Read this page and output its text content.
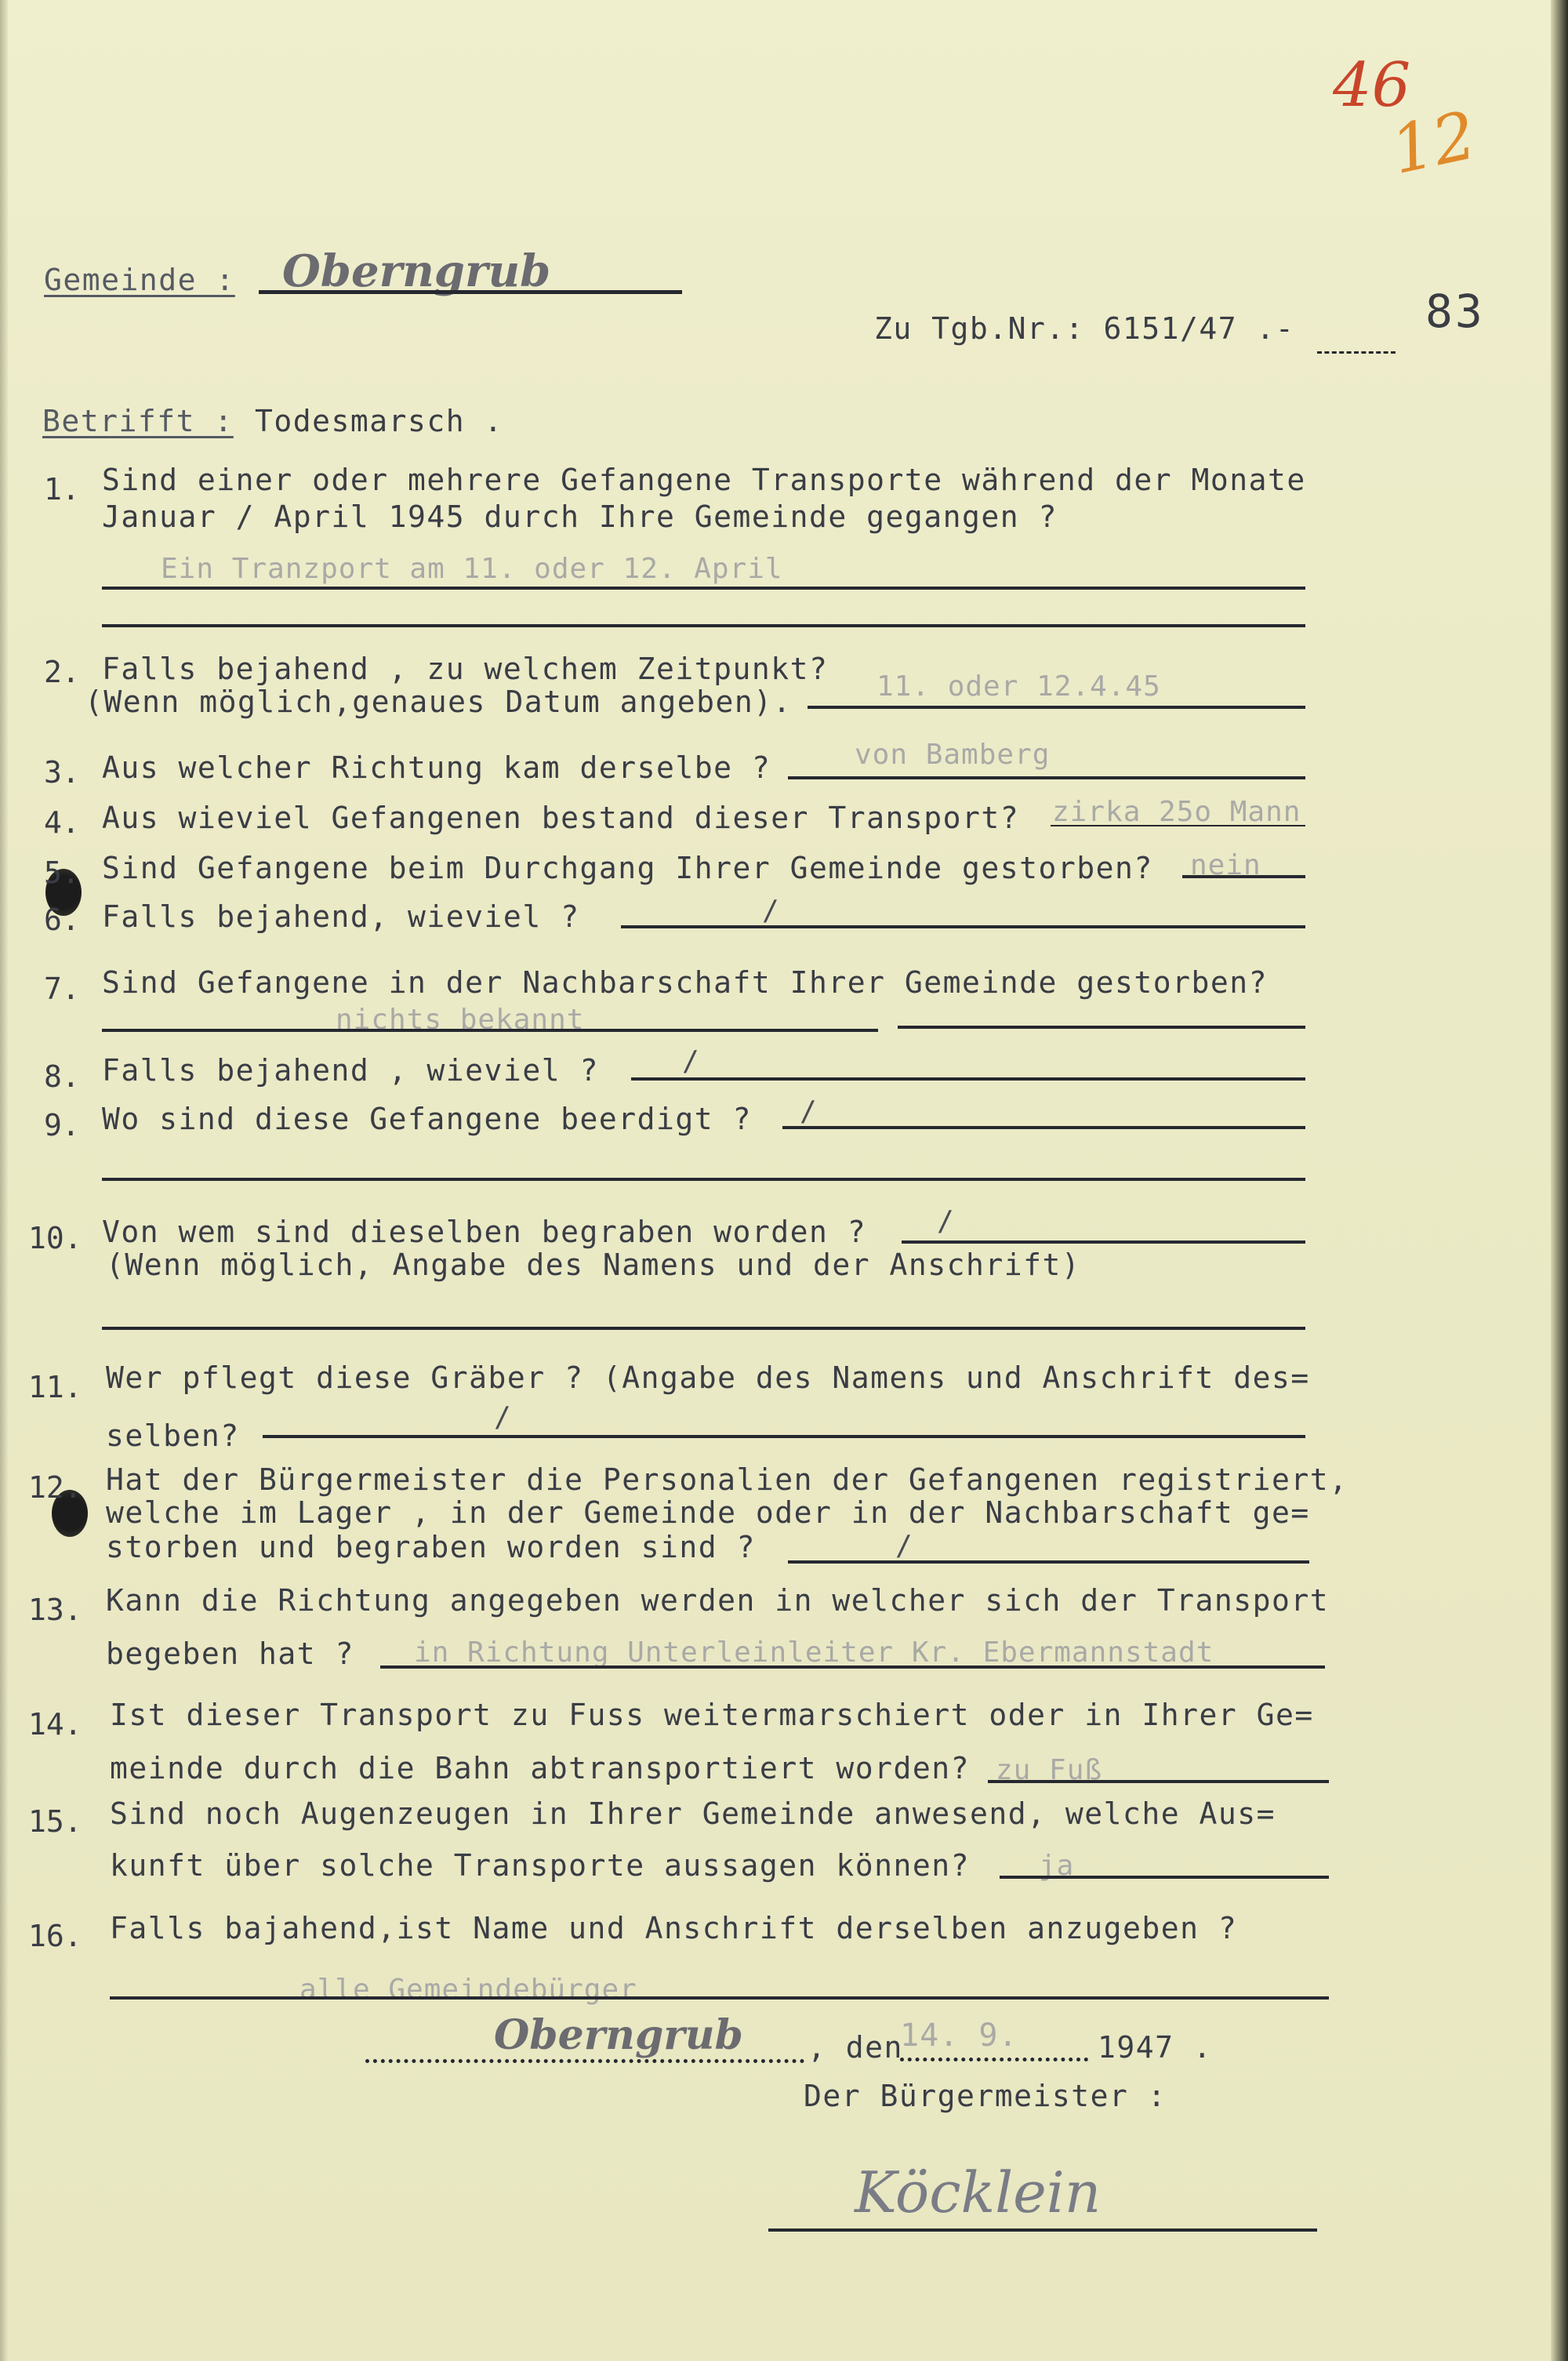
46
12
83
Gemeinde : Oberngrub
Zu Tgb.Nr.: 6151/47 .-
Betrifft : Todesmarsch .
1. Sind einer oder mehrere Gefangene Transporte während der Monate
Januar / April 1945 durch Ihre Gemeinde gegangen ?
Ein Tranzport am 11. oder 12. April
2. Falls bejahend , zu welchem Zeitpunkt?
(Wenn möglich,genaues Datum angeben).	11. oder 12.4.45
3. Aus welcher Richtung kam derselbe ?	von Bamberg
4. Aus wieviel Gefangenen bestand dieser Transport? zirka 25o Mann
5. Sind Gefangene beim Durchgang Ihrer Gemeinde gestorben? nein
6. Falls bejahend, wieviel ?	/
7. Sind Gefangene in der Nachbarschaft Ihrer Gemeinde gestorben?
nichts bekannt
8. Falls bejahend , wieviel ?	/
9. Wo sind diese Gefangene beerdigt ? /
10. Von wem sind dieselben begraben worden ? /
(Wenn möglich, Angabe des Namens und der Anschrift)
11. Wer pflegt diese Gräber ? (Angabe des Namens und Anschrift des=
selben?
/
12. Hat der Bürgermeister die Personalien der Gefangenen registriert,
welche im Lager , in der Gemeinde oder in der Nachbarschaft ge=
storben und begraben worden sind ?	/
13. Kann die Richtung angegeben werden in welcher sich der Transport
begeben hat ? in Richtung Unterleinleiter Kr. Ebermannstadt
14. Ist dieser Transport zu Fuss weitermarschiert oder in Ihrer Ge=
meinde durch die Bahn abtransportiert worden? zu Fuß
15. Sind noch Augenzeugen in Ihrer Gemeinde anwesend, welche Aus=
kunft über solche Transporte aussagen können? ja
16. Falls bajahend,ist Name und Anschrift derselben anzugeben ?
alle Gemeindebürger
Oberngrub , den
14. 9.	1947 .
Der Bürgermeister :
Köcklein
